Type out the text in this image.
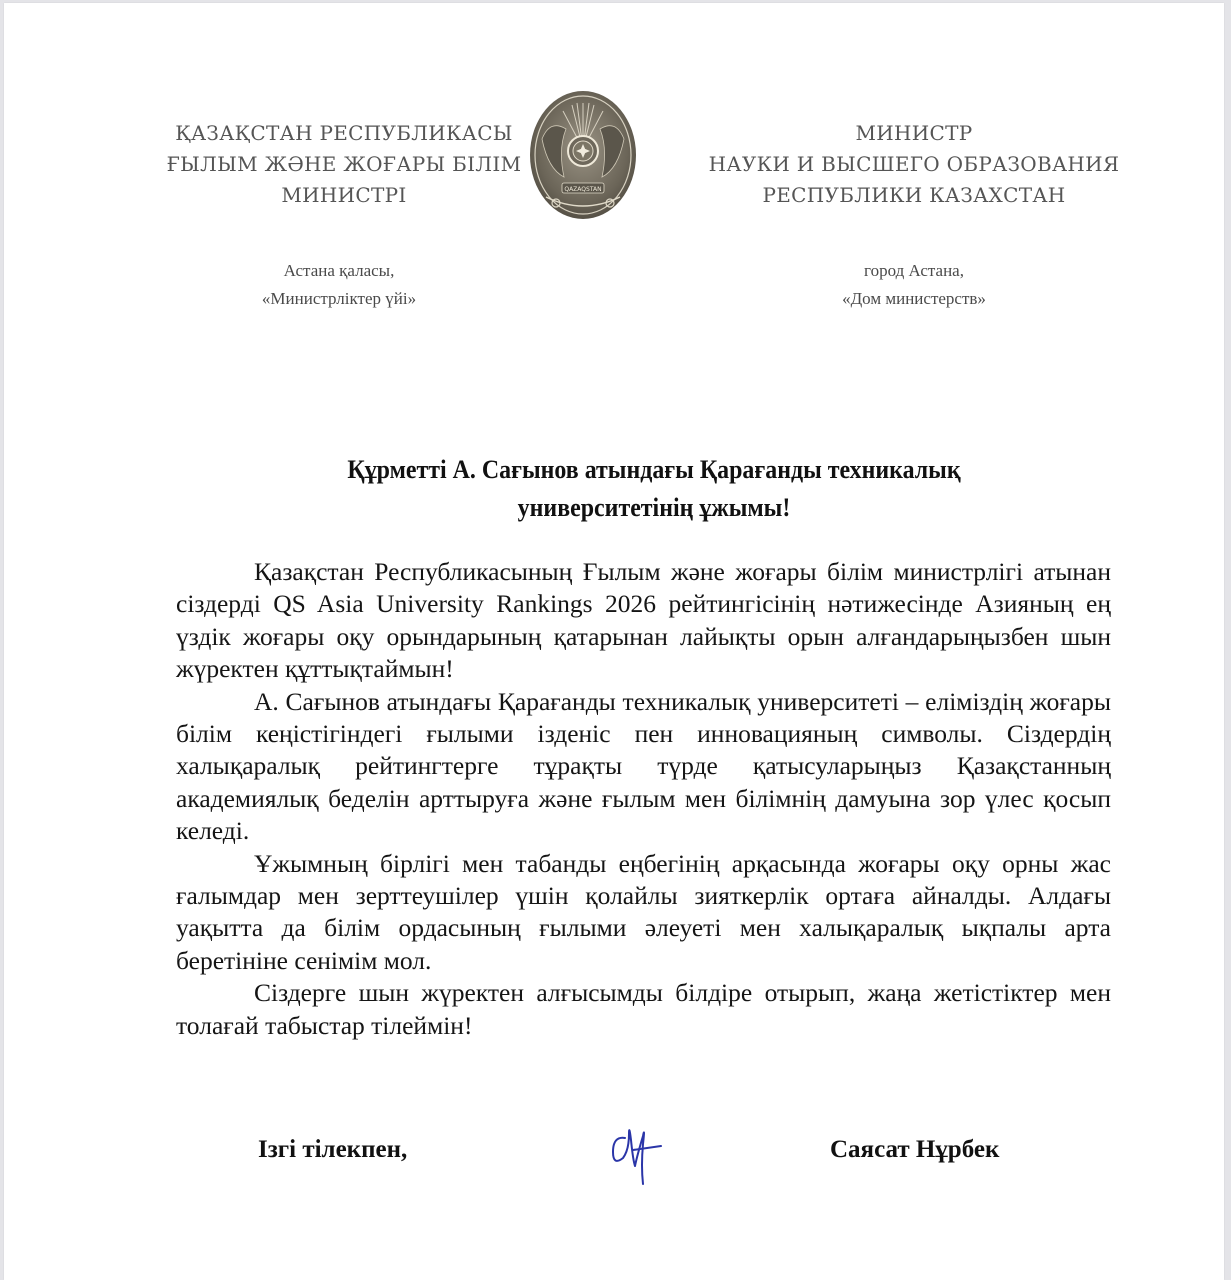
ҚАЗАҚСТАН РЕСПУБЛИКАСЫ
ҒЫЛЫМ ЖӘНЕ ЖОҒАРЫ БІЛІМ
МИНИСТРІ	QAZAQSTAN
МИНИСТР
НАУКИ И ВЫСШЕГО ОБРАЗОВАНИЯ
РЕСПУБЛИКИ КАЗАХСТАН
Астана қаласы,
«Министрліктер үйі»
город Астана,
«Дом министерств»
Құрметті А. Сағынов атындағы Қарағанды техникалық
университетінің ұжымы!

Қазақстан Республикасының Ғылым және жоғары білім министрлігі атынан сіздерді QS Asia University Rankings 2026 рейтингісінің нәтижесінде Азияның ең үздік жоғары оқу орындарының қатарынан лайықты орын алғандарыңызбен шын жүректен құттықтаймын!

А. Сағынов атындағы Қарағанды техникалық университеті – еліміздің жоғары білім кеңістігіндегі ғылыми ізденіс пен инновацияның символы. Сіздердің халықаралық рейтингтерге тұрақты түрде қатысуларыңыз Қазақстанның академиялық беделін арттыруға және ғылым мен білімнің дамуына зор үлес қосып келеді.

Ұжымның бірлігі мен табанды еңбегінің арқасында жоғары оқу орны жас ғалымдар мен зерттеушілер үшін қолайлы зияткерлік ортаға айналды. Алдағы уақытта да білім ордасының ғылыми әлеуеті мен халықаралық ықпалы арта беретініне сенімім мол.

Сіздерге шын жүректен алғысымды білдіре отырып, жаңа жетістіктер мен толағай табыстар тілеймін!

Ізгі тілекпен,	Саясат Нұрбек
